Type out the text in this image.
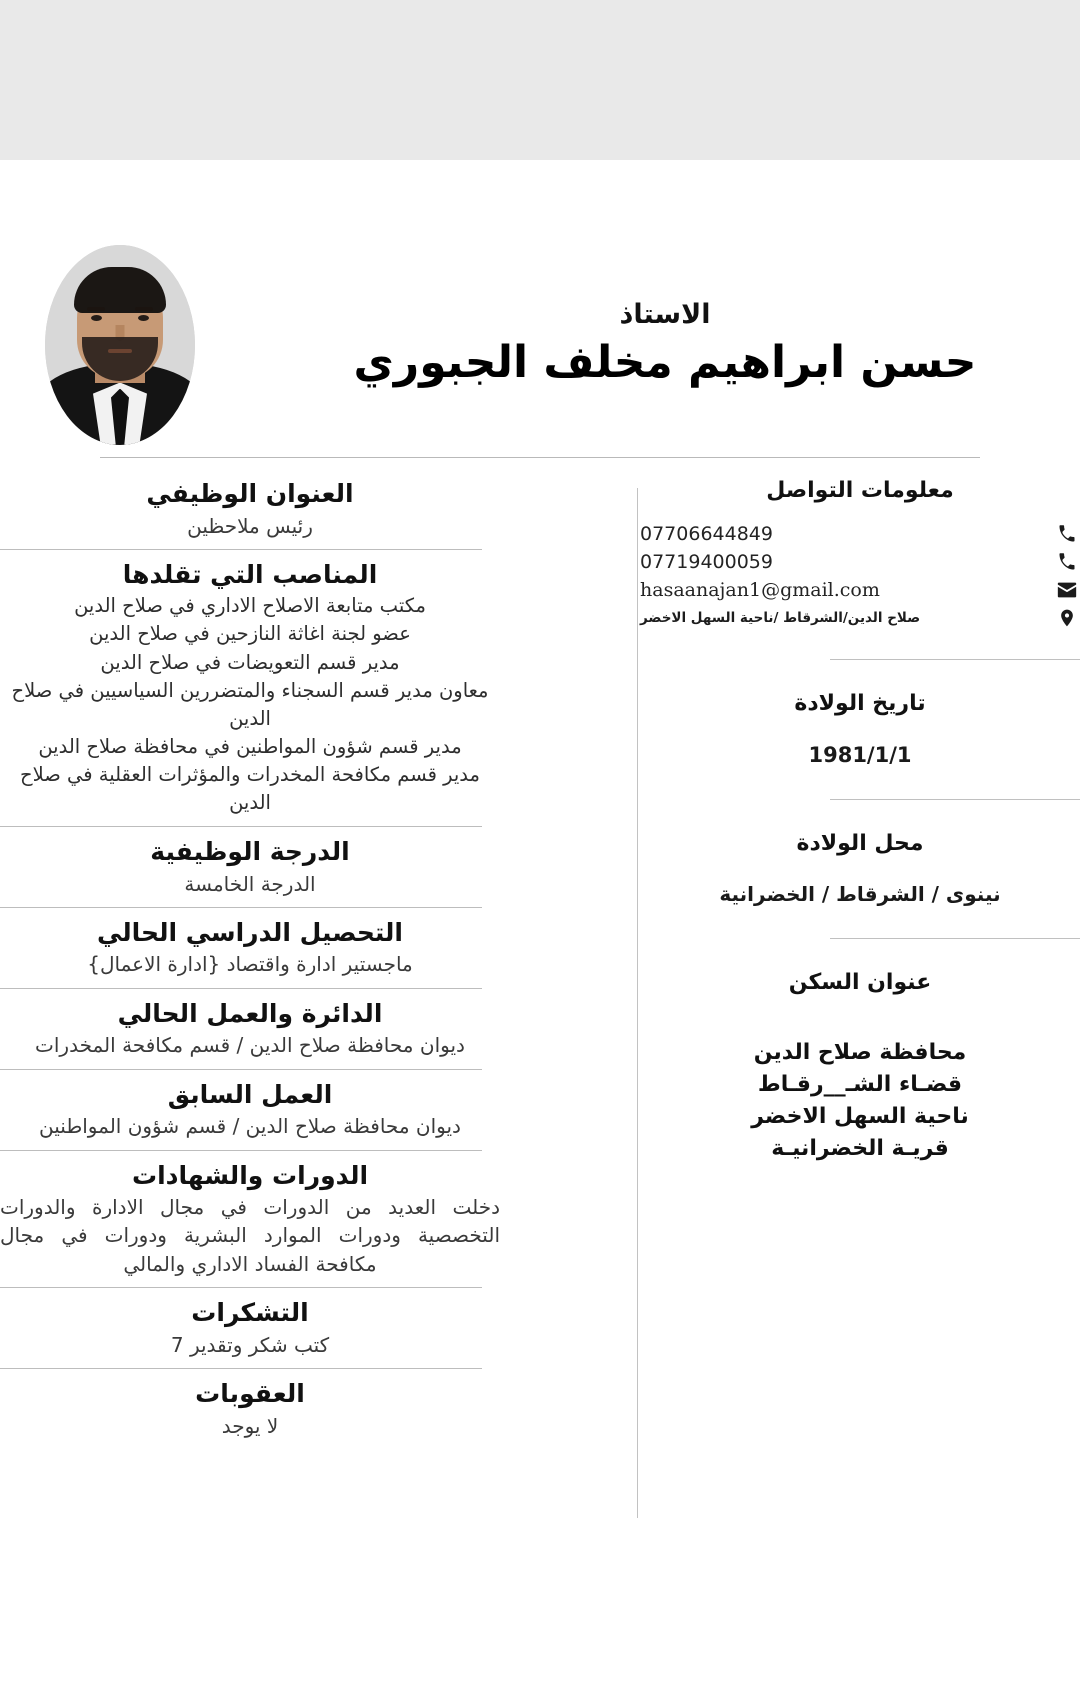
الاستاذ
حسن ابراهيم مخلف الجبوري
معلومات التواصل
07706644849
07719400059
hasaanajan1@gmail.com
صلاح الدين/الشرقاط /ناحية السهل الاخضر
تاريخ الولادة
1981/1/1
محل الولادة
نينوى / الشرقاط / الخضرانية
عنوان السكن
محافظة صلاح الدين
قضـاء الشـ__رقـاط
ناحية السهل الاخضر
قريـة الخضرانيـة
العنوان الوظيفي
رئيس ملاحظين
المناصب التي تقلدها
مكتب متابعة الاصلاح الاداري في صلاح الدين
عضو لجنة اغاثة النازحين في صلاح الدين
مدير قسم التعويضات في صلاح الدين
معاون مدير قسم السجناء والمتضررين السياسيين في صلاح الدين
مدير قسم شؤون المواطنين في محافظة صلاح الدين
مدير قسم مكافحة المخدرات والمؤثرات العقلية في صلاح الدين
الدرجة الوظيفية
الدرجة الخامسة
التحصيل الدراسي الحالي
ماجستير ادارة واقتصاد {ادارة الاعمال}
الدائرة والعمل الحالي
ديوان محافظة صلاح الدين / قسم مكافحة المخدرات
العمل السابق
ديوان محافظة صلاح الدين / قسم شؤون المواطنين
الدورات والشهادات
دخلت العديد من الدورات في مجال الادارة والدورات التخصصية ودورات الموارد البشرية ودورات في مجال مكافحة الفساد الاداري والمالي
التشكرات
كتب شكر وتقدير 7
العقوبات
لا يوجد
